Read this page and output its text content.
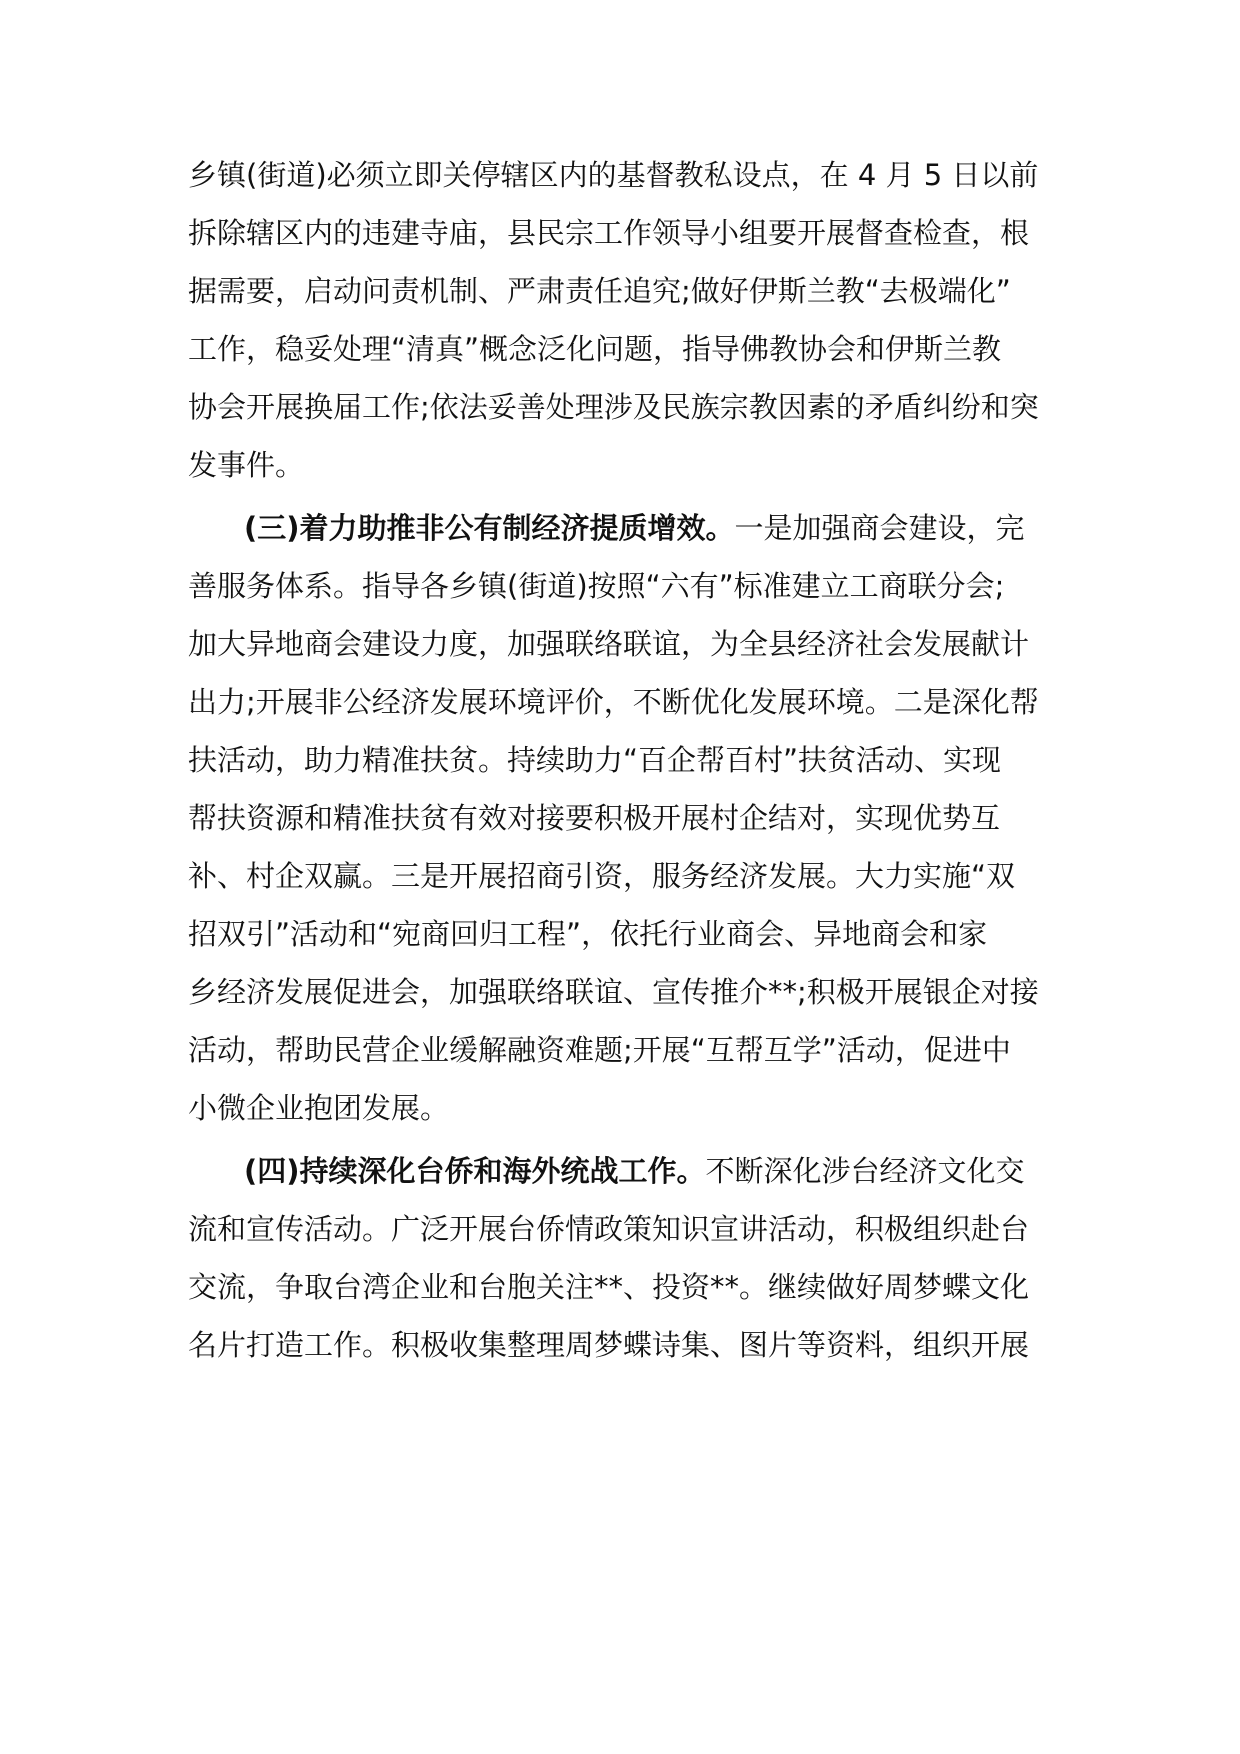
乡镇(街道)必须立即关停辖区内的基督教私设点，在 4 月 5 日以前
拆除辖区内的违建寺庙，县民宗工作领导小组要开展督查检查，根
据需要，启动问责机制、严肃责任追究;做好伊斯兰教“去极端化”
工作，稳妥处理“清真”概念泛化问题，指导佛教协会和伊斯兰教
协会开展换届工作;依法妥善处理涉及民族宗教因素的矛盾纠纷和突
发事件。
(三)着力助推非公有制经济提质增效。一是加强商会建设，完
善服务体系。指导各乡镇(街道)按照“六有”标准建立工商联分会;
加大异地商会建设力度，加强联络联谊，为全县经济社会发展献计
出力;开展非公经济发展环境评价，不断优化发展环境。二是深化帮
扶活动，助力精准扶贫。持续助力“百企帮百村”扶贫活动、实现
帮扶资源和精准扶贫有效对接要积极开展村企结对，实现优势互
补、村企双赢。三是开展招商引资，服务经济发展。大力实施“双
招双引”活动和“宛商回归工程”，依托行业商会、异地商会和家
乡经济发展促进会，加强联络联谊、宣传推介**;积极开展银企对接
活动，帮助民营企业缓解融资难题;开展“互帮互学”活动，促进中
小微企业抱团发展。
(四)持续深化台侨和海外统战工作。不断深化涉台经济文化交
流和宣传活动。广泛开展台侨情政策知识宣讲活动，积极组织赴台
交流，争取台湾企业和台胞关注**、投资**。继续做好周梦蝶文化
名片打造工作。积极收集整理周梦蝶诗集、图片等资料，组织开展
